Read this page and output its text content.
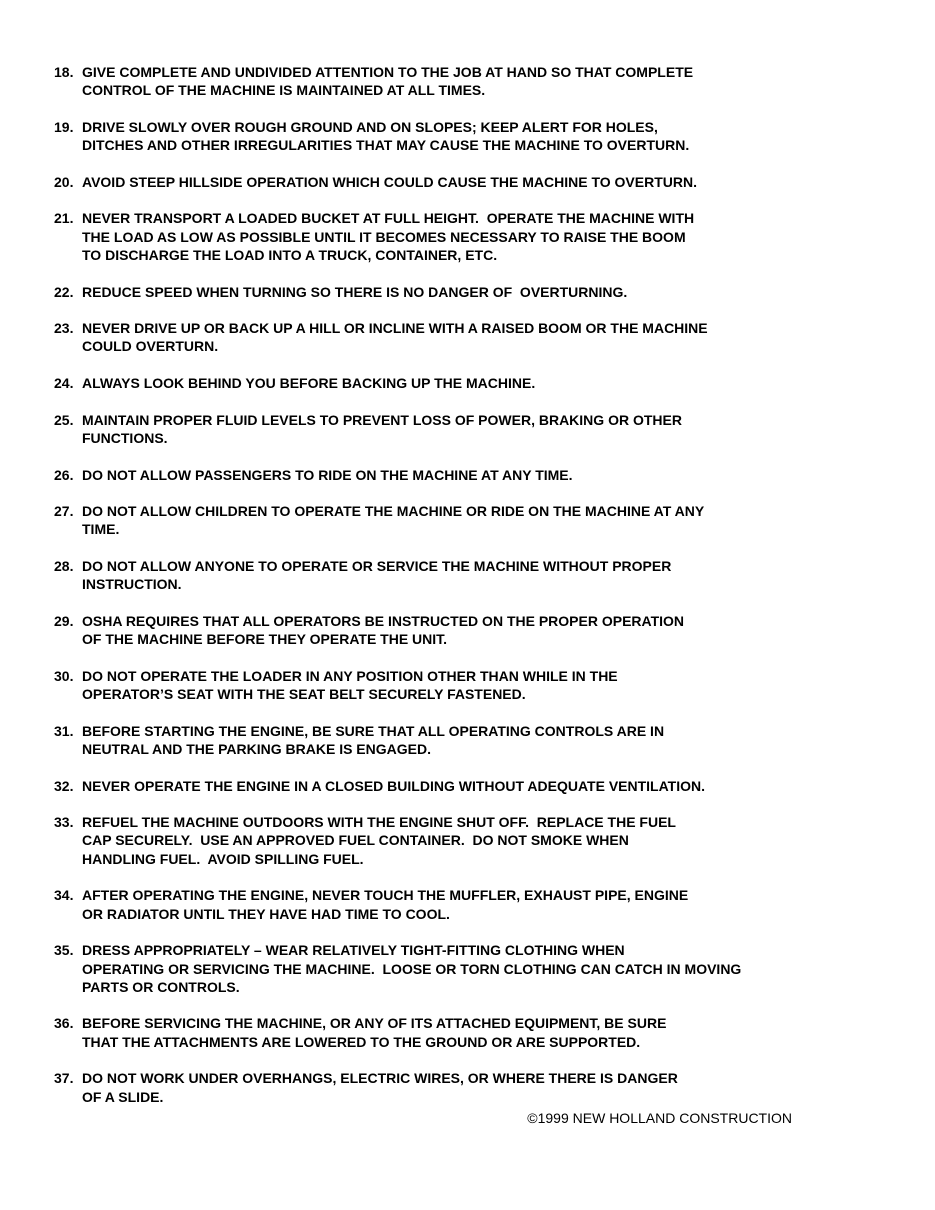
18. GIVE COMPLETE AND UNDIVIDED ATTENTION TO THE JOB AT HAND SO THAT COMPLETE
CONTROL OF THE MACHINE IS MAINTAINED AT ALL TIMES.
19. DRIVE SLOWLY OVER ROUGH GROUND AND ON SLOPES; KEEP ALERT FOR HOLES,
DITCHES AND OTHER IRREGULARITIES THAT MAY CAUSE THE MACHINE TO OVERTURN.
20. AVOID STEEP HILLSIDE OPERATION WHICH COULD CAUSE THE MACHINE TO OVERTURN.
21. NEVER TRANSPORT A LOADED BUCKET AT FULL HEIGHT.  OPERATE THE MACHINE WITH
THE LOAD AS LOW AS POSSIBLE UNTIL IT BECOMES NECESSARY TO RAISE THE BOOM
TO DISCHARGE THE LOAD INTO A TRUCK, CONTAINER, ETC.
22. REDUCE SPEED WHEN TURNING SO THERE IS NO DANGER OF  OVERTURNING.
23. NEVER DRIVE UP OR BACK UP A HILL OR INCLINE WITH A RAISED BOOM OR THE MACHINE
COULD OVERTURN.
24. ALWAYS LOOK BEHIND YOU BEFORE BACKING UP THE MACHINE.
25. MAINTAIN PROPER FLUID LEVELS TO PREVENT LOSS OF POWER, BRAKING OR OTHER
FUNCTIONS.
26. DO NOT ALLOW PASSENGERS TO RIDE ON THE MACHINE AT ANY TIME.
27. DO NOT ALLOW CHILDREN TO OPERATE THE MACHINE OR RIDE ON THE MACHINE AT ANY
TIME.
28. DO NOT ALLOW ANYONE TO OPERATE OR SERVICE THE MACHINE WITHOUT PROPER
INSTRUCTION.
29. OSHA REQUIRES THAT ALL OPERATORS BE INSTRUCTED ON THE PROPER OPERATION
OF THE MACHINE BEFORE THEY OPERATE THE UNIT.
30. DO NOT OPERATE THE LOADER IN ANY POSITION OTHER THAN WHILE IN THE
OPERATOR’S SEAT WITH THE SEAT BELT SECURELY FASTENED.
31. BEFORE STARTING THE ENGINE, BE SURE THAT ALL OPERATING CONTROLS ARE IN
NEUTRAL AND THE PARKING BRAKE IS ENGAGED.
32. NEVER OPERATE THE ENGINE IN A CLOSED BUILDING WITHOUT ADEQUATE VENTILATION.
33. REFUEL THE MACHINE OUTDOORS WITH THE ENGINE SHUT OFF.  REPLACE THE FUEL
CAP SECURELY.  USE AN APPROVED FUEL CONTAINER.  DO NOT SMOKE WHEN
HANDLING FUEL.  AVOID SPILLING FUEL.
34. AFTER OPERATING THE ENGINE, NEVER TOUCH THE MUFFLER, EXHAUST PIPE, ENGINE
OR RADIATOR UNTIL THEY HAVE HAD TIME TO COOL.
35. DRESS APPROPRIATELY – WEAR RELATIVELY TIGHT-FITTING CLOTHING WHEN
OPERATING OR SERVICING THE MACHINE.  LOOSE OR TORN CLOTHING CAN CATCH IN MOVING
PARTS OR CONTROLS.
36. BEFORE SERVICING THE MACHINE, OR ANY OF ITS ATTACHED EQUIPMENT, BE SURE
THAT THE ATTACHMENTS ARE LOWERED TO THE GROUND OR ARE SUPPORTED.
37. DO NOT WORK UNDER OVERHANGS, ELECTRIC WIRES, OR WHERE THERE IS DANGER
OF A SLIDE.
©1999 NEW HOLLAND CONSTRUCTION
